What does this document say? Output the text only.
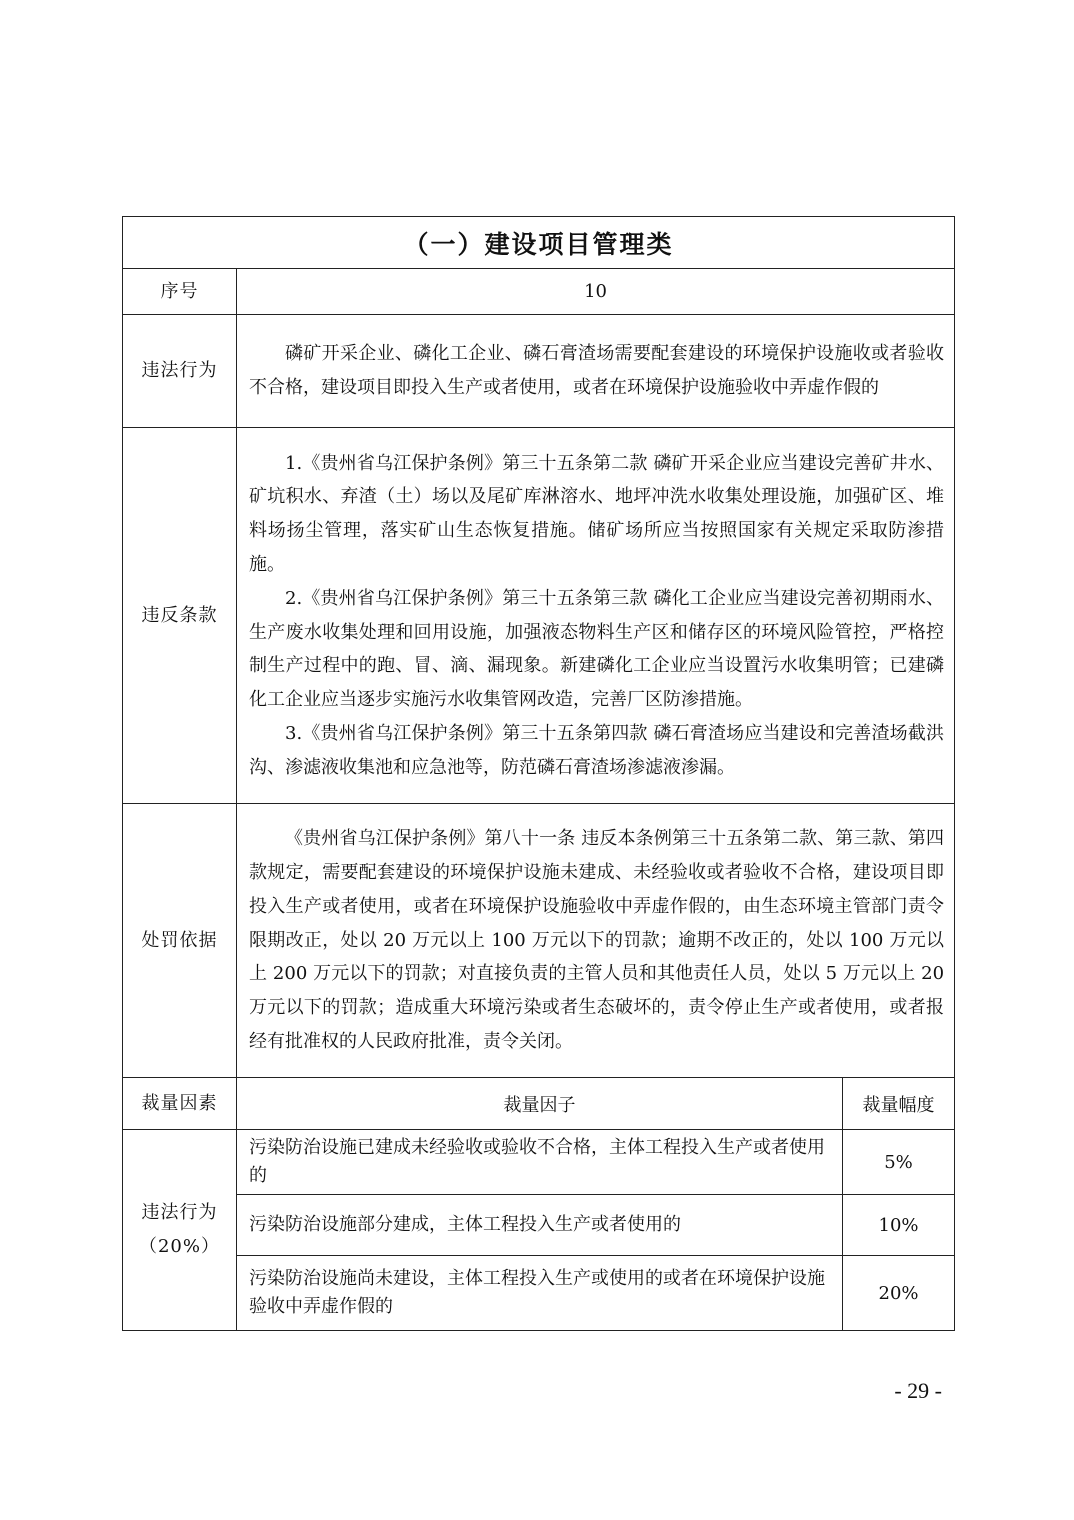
（一）建设项目管理类		
序号	10	
违法行为	磷矿开采企业、磷化工企业、磷石膏渣场需要配套建设的环境保护设施收或者验收不合格，建设项目即投入生产或者使用，或者在环境保护设施验收中弄虚作假的	

违反条款	1.《贵州省乌江保护条例》第三十五条第二款 磷矿开采企业应当建设完善矿井水、矿坑积水、弃渣（土）场以及尾矿库淋溶水、地坪冲洗水收集处理设施，加强矿区、堆料场扬尘管理，落实矿山生态恢复措施。储矿场所应当按照国家有关规定采取防渗措施。

2.《贵州省乌江保护条例》第三十五条第三款 磷化工企业应当建设完善初期雨水、生产废水收集处理和回用设施，加强液态物料生产区和储存区的环境风险管控，严格控制生产过程中的跑、冒、滴、漏现象。新建磷化工企业应当设置污水收集明管；已建磷化工企业应当逐步实施污水收集管网改造，完善厂区防渗措施。

3.《贵州省乌江保护条例》第三十五条第四款 磷石膏渣场应当建设和完善渣场截洪沟、渗滤液收集池和应急池等，防范磷石膏渣场渗滤液渗漏。	

处罚依据	《贵州省乌江保护条例》第八十一条 违反本条例第三十五条第二款、第三款、第四款规定，需要配套建设的环境保护设施未建成、未经验收或者验收不合格，建设项目即投入生产或者使用，或者在环境保护设施验收中弄虚作假的，由生态环境主管部门责令限期改正，处以 20 万元以上 100 万元以下的罚款；逾期不改正的，处以 100 万元以上 200 万元以下的罚款；对直接负责的主管人员和其他责任人员，处以 5 万元以上 20 万元以下的罚款；造成重大环境污染或者生态破坏的，责令停止生产或者使用，或者报经有批准权的人民政府批准，责令关闭。	

裁量因素	裁量因子	裁量幅度

违法行为
（20%）	污染防治设施已建成未经验收或验收不合格，主体工程投入生产或者使用的	5%
	污染防治设施部分建成，主体工程投入生产或者使用的	10%
	污染防治设施尚未建设，主体工程投入生产或使用的或者在环境保护设施验收中弄虚作假的	20%
- 29 -
